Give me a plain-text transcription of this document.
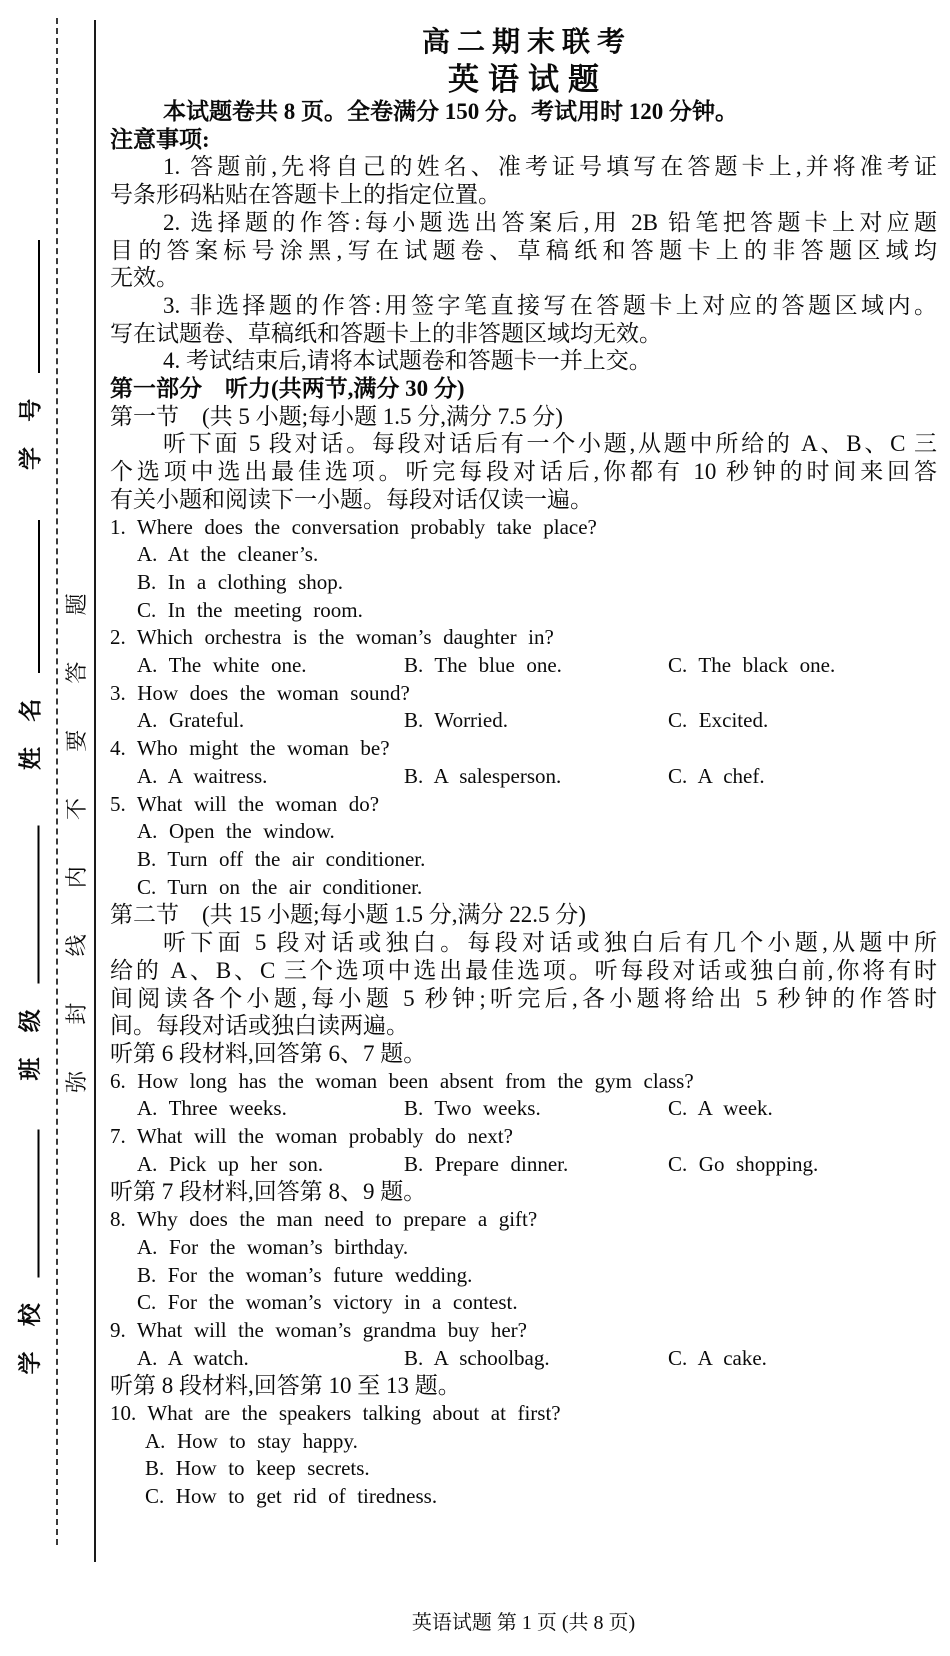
学校
班级
姓名
学号
弥封线内不要答题
高二期末联考
英语试题
本试题卷共 8 页。全卷满分 150 分。考试用时 120 分钟。
注意事项:
1. 答题前,先将自己的姓名、准考证号填写在答题卡上,并将准考证
号条形码粘贴在答题卡上的指定位置。
2. 选择题的作答:每小题选出答案后,用 2B 铅笔把答题卡上对应题
目的答案标号涂黑,写在试题卷、草稿纸和答题卡上的非答题区域均
无效。
3. 非选择题的作答:用签字笔直接写在答题卡上对应的答题区域内。
写在试题卷、草稿纸和答题卡上的非答题区域均无效。
4. 考试结束后,请将本试题卷和答题卡一并上交。
第一部分　听力(共两节,满分 30 分)
第一节　(共 5 小题;每小题 1.5 分,满分 7.5 分)
听下面 5 段对话。每段对话后有一个小题,从题中所给的 A、B、C 三
个选项中选出最佳选项。听完每段对话后,你都有 10 秒钟的时间来回答
有关小题和阅读下一小题。每段对话仅读一遍。
1. Where does the conversation probably take place?
A. At the cleaner’s.
B. In a clothing shop.
C. In the meeting room.
2. Which orchestra is the woman’s daughter in?
A. The white one.	B. The blue one.	C. The black one.
3. How does the woman sound?
A. Grateful.	B. Worried.	C. Excited.
4. Who might the woman be?
A. A waitress.	B. A salesperson.	C. A chef.
5. What will the woman do?
A. Open the window.
B. Turn off the air conditioner.
C. Turn on the air conditioner.
第二节　(共 15 小题;每小题 1.5 分,满分 22.5 分)
听下面 5 段对话或独白。每段对话或独白后有几个小题,从题中所
给的 A、B、C 三个选项中选出最佳选项。听每段对话或独白前,你将有时
间阅读各个小题,每小题 5 秒钟;听完后,各小题将给出 5 秒钟的作答时
间。每段对话或独白读两遍。
听第 6 段材料,回答第 6、7 题。
6. How long has the woman been absent from the gym class?
A. Three weeks.	B. Two weeks.	C. A week.
7. What will the woman probably do next?
A. Pick up her son.	B. Prepare dinner.	C. Go shopping.
听第 7 段材料,回答第 8、9 题。
8. Why does the man need to prepare a gift?
A. For the woman’s birthday.
B. For the woman’s future wedding.
C. For the woman’s victory in a contest.
9. What will the woman’s grandma buy her?
A. A watch.	B. A schoolbag.	C. A cake.
听第 8 段材料,回答第 10 至 13 题。
10. What are the speakers talking about at first?
A. How to stay happy.
B. How to keep secrets.
C. How to get rid of tiredness.
英语试题 第 1 页 (共 8 页)
